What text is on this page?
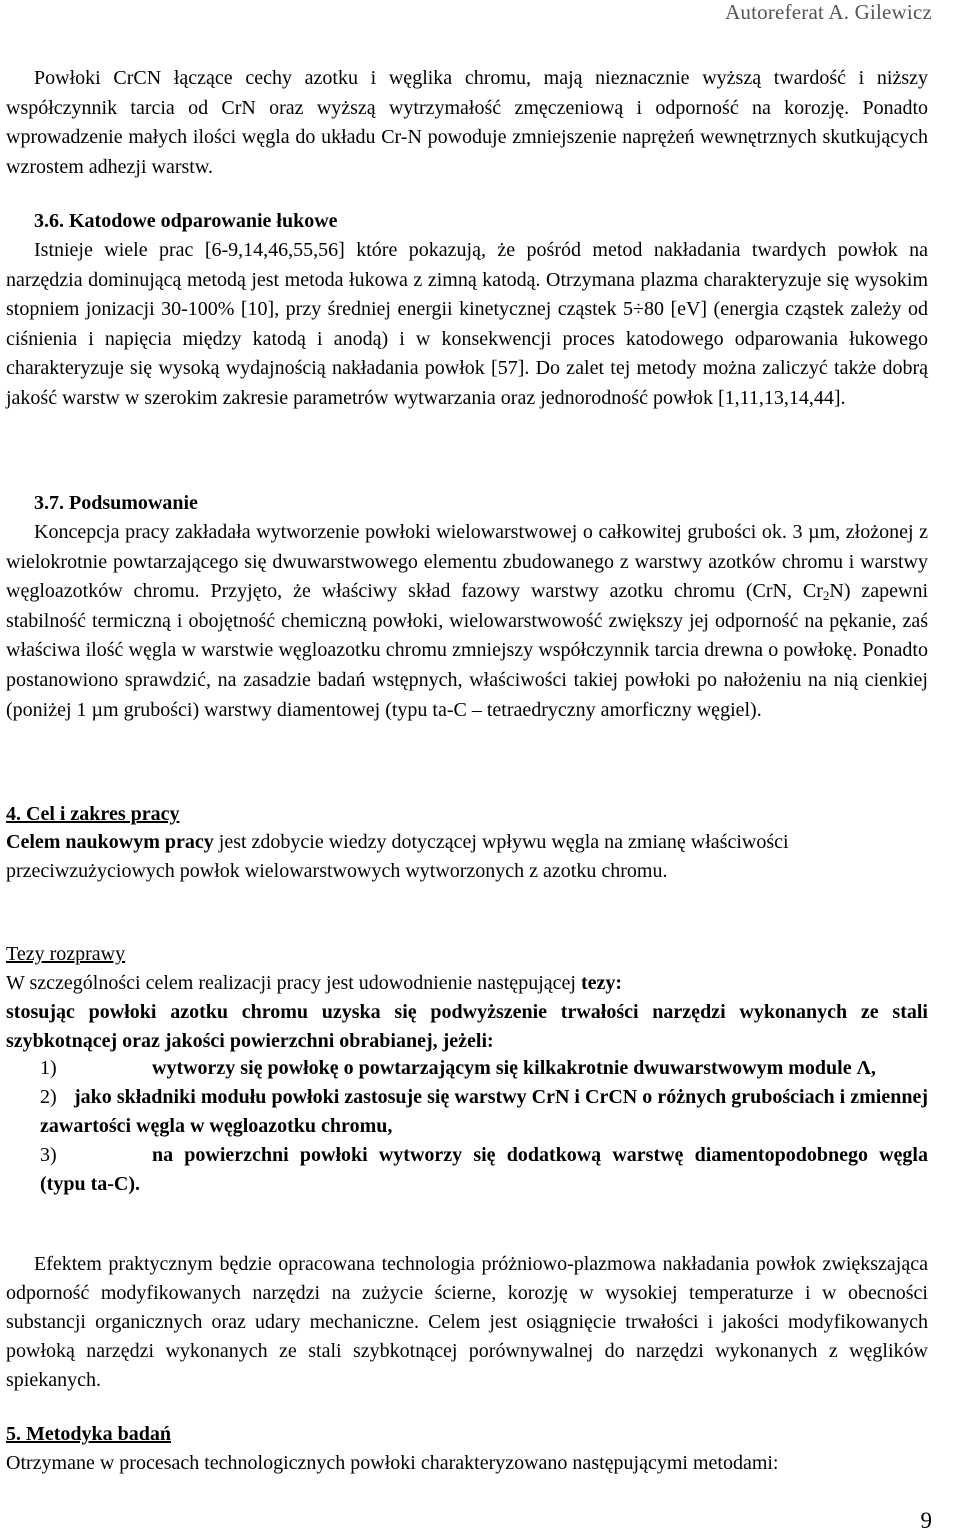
Autoreferat A. Gilewicz
Powłoki CrCN łączące cechy azotku i węglika chromu, mają nieznacznie wyższą twardość i niższy współczynnik tarcia od CrN oraz wyższą wytrzymałość zmęczeniową i odporność na korozję. Ponadto wprowadzenie małych ilości węgla do układu Cr-N powoduje zmniejszenie naprężeń wewnętrznych skutkujących wzrostem adhezji warstw.
3.6. Katodowe odparowanie łukowe
Istnieje wiele prac [6-9,14,46,55,56] które pokazują, że pośród metod nakładania twardych powłok na narzędzia dominującą metodą jest metoda łukowa z zimną katodą. Otrzymana plazma charakteryzuje się wysokim stopniem jonizacji 30-100% [10], przy średniej energii kinetycznej cząstek 5÷80 [eV] (energia cząstek zależy od ciśnienia i napięcia między katodą i anodą) i w konsekwencji proces katodowego odparowania łukowego charakteryzuje się wysoką wydajnością nakładania powłok [57]. Do zalet tej metody można zaliczyć także dobrą jakość warstw w szerokim zakresie parametrów wytwarzania oraz jednorodność powłok [1,11,13,14,44].
3.7. Podsumowanie
Koncepcja pracy zakładała wytworzenie powłoki wielowarstwowej o całkowitej grubości ok. 3 µm, złożonej z wielokrotnie powtarzającego się dwuwarstwowego elementu zbudowanego z warstwy azotków chromu i warstwy węgloazotków chromu. Przyjęto, że właściwy skład fazowy warstwy azotku chromu (CrN, $Cr_2N$) zapewni stabilność termiczną i obojętność chemiczną powłoki, wielowarstwowość zwiększy jej odporność na pękanie, zaś właściwa ilość węgla w warstwie węgloazotku chromu zmniejszy współczynnik tarcia drewna o powłokę. Ponadto postanowiono sprawdzić, na zasadzie badań wstępnych, właściwości takiej powłoki po nałożeniu na nią cienkiej (poniżej 1 µm grubości) warstwy diamentowej (typu ta-C – tetraedryczny amorficzny węgiel).
4. Cel i zakres pracy
Celem naukowym pracy jest zdobycie wiedzy dotyczącej wpływu węgla na zmianę właściwości przeciwzużyciowych powłok wielowarstwowych wytworzonych z azotku chromu.
Tezy rozprawy
W szczególności celem realizacji pracy jest udowodnienie następującej tezy:
stosując powłoki azotku chromu uzyska się podwyższenie trwałości narzędzi wykonanych ze stali szybkotnącej oraz jakości powierzchni obrabianej, jeżeli:
wytworzy się powłokę o powtarzającym się kilkakrotnie dwuwarstwowym module Λ,
1)
jako składniki modułu powłoki zastosuje się warstwy CrN i CrCN o różnych grubościach i zmiennej zawartości węgla w węgloazotku chromu,
2)
na powierzchni powłoki wytworzy się dodatkową warstwę diamentopodobnego węgla (typu ta-C).
3)
Efektem praktycznym będzie opracowana technologia próżniowo-plazmowa nakładania powłok zwiększająca odporność modyfikowanych narzędzi na zużycie ścierne, korozję w wysokiej temperaturze i w obecności substancji organicznych oraz udary mechaniczne. Celem jest osiągnięcie trwałości i jakości modyfikowanych powłoką narzędzi wykonanych ze stali szybkotnącej porównywalnej do narzędzi wykonanych z węglików spiekanych.
5. Metodyka badań
Otrzymane w procesach technologicznych powłoki charakteryzowano następującymi metodami:
9
